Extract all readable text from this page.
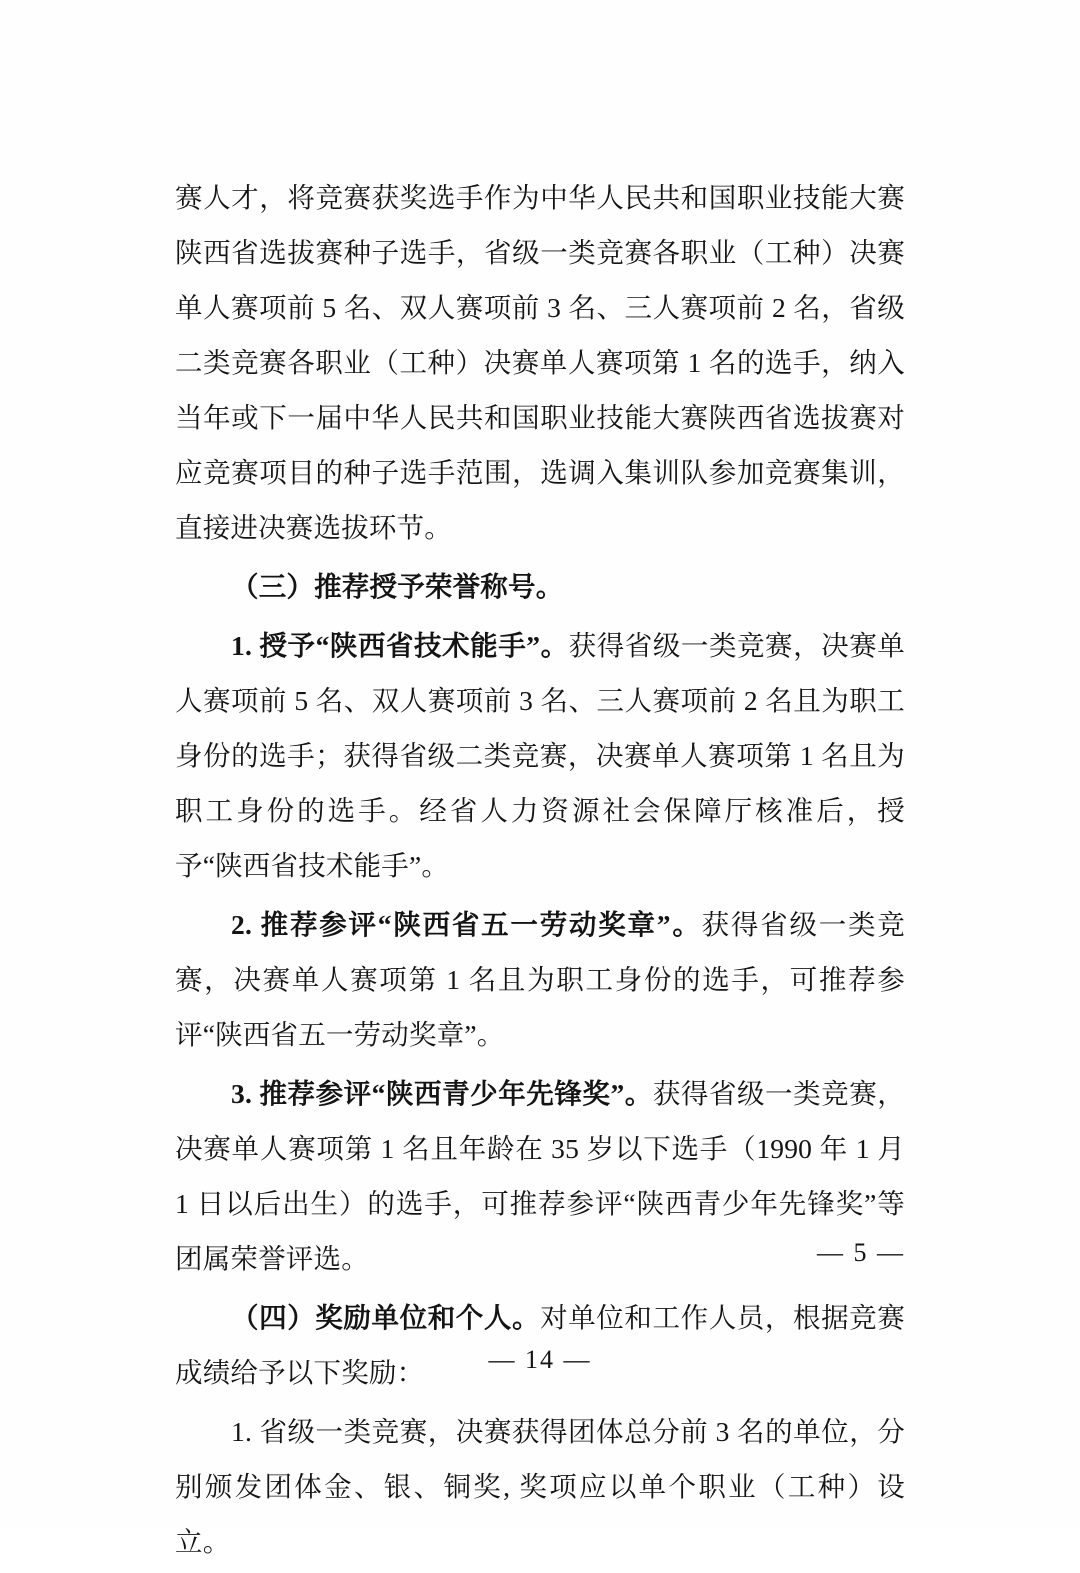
赛人才，将竞赛获奖选手作为中华人民共和国职业技能大赛陕西省选拔赛种子选手，省级一类竞赛各职业（工种）决赛单人赛项前 5 名、双人赛项前 3 名、三人赛项前 2 名，省级二类竞赛各职业（工种）决赛单人赛项第 1 名的选手，纳入当年或下一届中华人民共和国职业技能大赛陕西省选拔赛对应竞赛项目的种子选手范围，选调入集训队参加竞赛集训，直接进决赛选拔环节。

（三）推荐授予荣誉称号。

1. 授予“陕西省技术能手”。获得省级一类竞赛，决赛单人赛项前 5 名、双人赛项前 3 名、三人赛项前 2 名且为职工身份的选手；获得省级二类竞赛，决赛单人赛项第 1 名且为职工身份的选手。经省人力资源社会保障厅核准后，授予“陕西省技术能手”。

2. 推荐参评“陕西省五一劳动奖章”。获得省级一类竞赛，决赛单人赛项第 1 名且为职工身份的选手，可推荐参评“陕西省五一劳动奖章”。

3. 推荐参评“陕西青少年先锋奖”。获得省级一类竞赛，决赛单人赛项第 1 名且年龄在 35 岁以下选手（1990 年 1 月 1 日以后出生）的选手，可推荐参评“陕西青少年先锋奖”等团属荣誉评选。

（四）奖励单位和个人。对单位和工作人员，根据竞赛成绩给予以下奖励：

1. 省级一类竞赛，决赛获得团体总分前 3 名的单位，分别颁发团体金、银、铜奖, 奖项应以单个职业（工种）设立。

— 5 —
— 14 —
